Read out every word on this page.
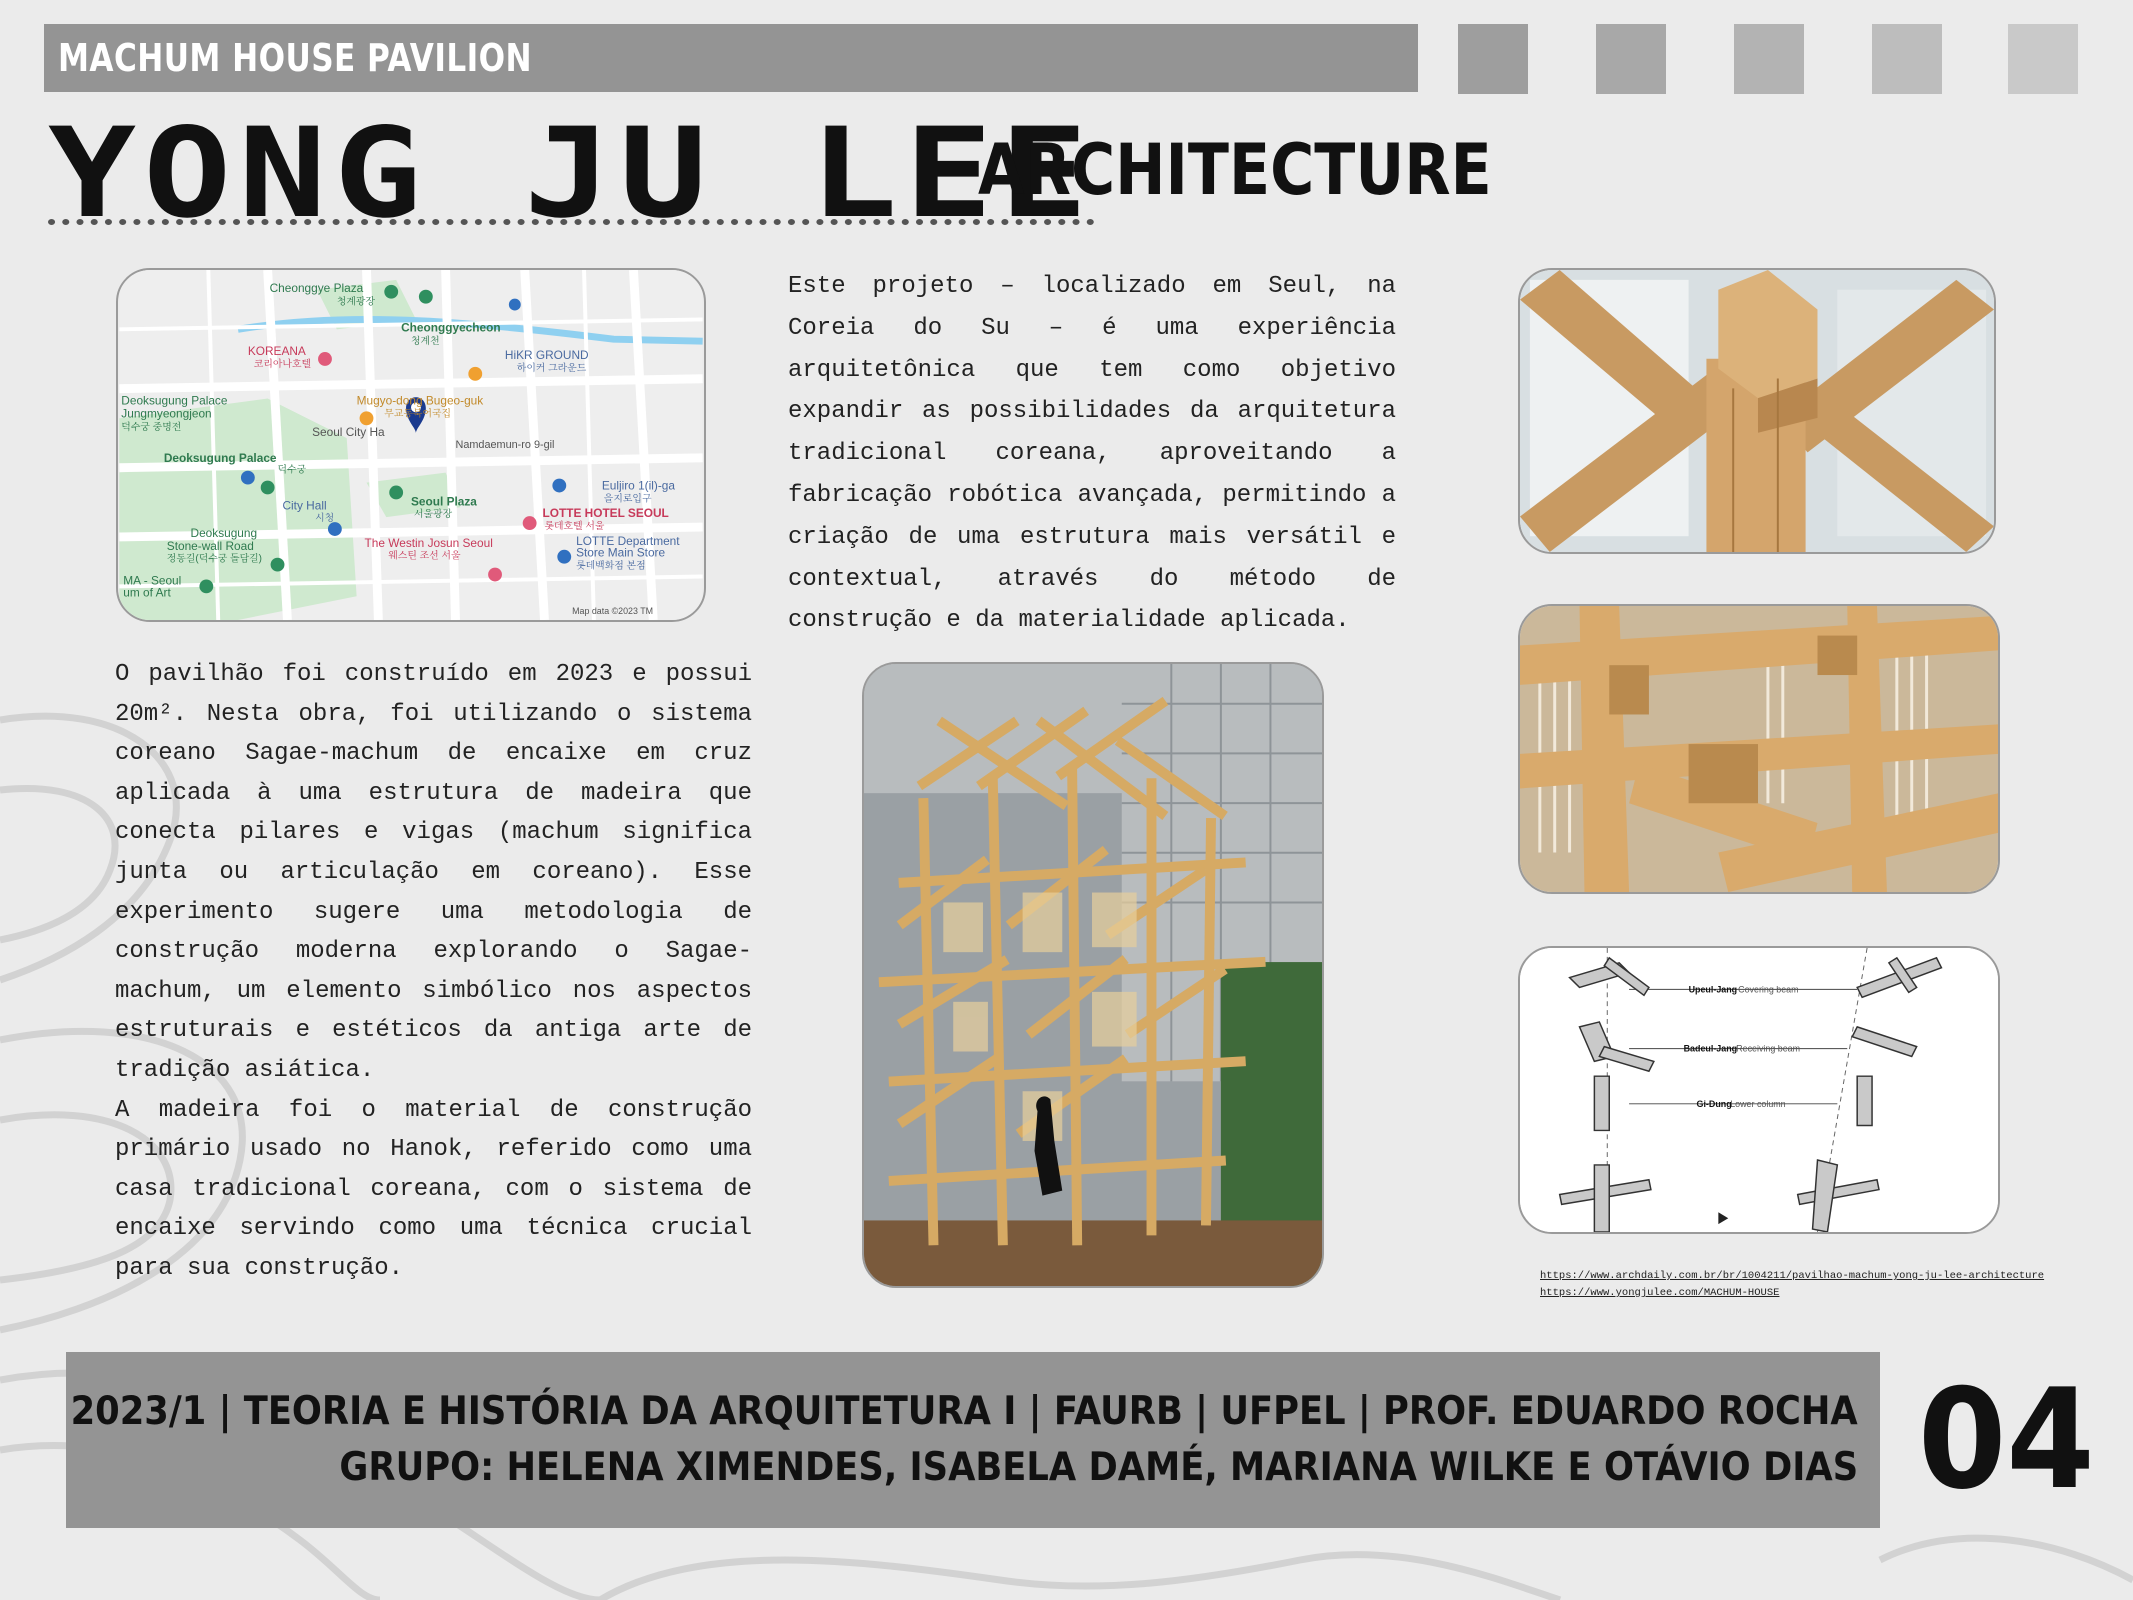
MACHUM HOUSE PAVILION
YONG JU LEE
ARCHITECTURE
Cheonggye Plaza
청계광장
Cheonggyecheon
청계천
Deoksugung Palace
Jungmyeongjeon
덕수궁 중명전
Deoksugung Palace
덕수궁
Seoul Plaza
서울광장
Deoksugung
Stone-wall Road
정동길(덕수궁 돌담길)
MA - Seoul
um of Art
KOREANA
코리아나호텔
LOTTE HOTEL SEOUL
롯데호텔 서울
The Westin Josun Seoul
웨스틴 조선 서울
HiKR GROUND
하이커 그라운드
Euljiro 1(il)-ga
을지로입구
LOTTE Department
Store Main Store
롯데백화점 본점
City Hall
시청
Mugyo-dong Bugeo-guk
무교동북어국집
Seoul City Ha
Namdaemun-ro 9-gil
Map data ©2023 TM
Este projeto – localizado em Seul, na Coreia do Su – é uma experiência arquitetônica que tem como objetivo expandir as possibilidades da arquitetura tradicional coreana, aproveitando a fabricação robótica avançada, permitindo a criação de uma estrutura mais versátil e contextual, através do método de construção e da materialidade aplicada.
Upeul-Jang Covering beam
Badeul-Jang Receiving beam
Gi-Dung
Lower column

O pavilhão foi construído em 2023 e possui 20m². Nesta obra, foi utilizando o sistema coreano Sagae-machum de encaixe em cruz aplicada à uma estrutura de madeira que conecta pilares e vigas (machum significa junta ou articulação em coreano). Esse experimento sugere uma metodologia de construção moderna explorando o Sagae-machum, um elemento simbólico nos aspectos estruturais e estéticos da antiga arte de tradição asiática.

A madeira foi o material de construção primário usado no Hanok, referido como uma casa tradicional coreana, com o sistema de encaixe servindo como uma técnica crucial para sua construção.	https://www.archdaily.com.br/br/1004211/pavilhao-machum-yong-ju-lee-architecture
https://www.yongjulee.com/MACHUM-HOUSE
2023/1 | TEORIA E HISTÓRIA DA ARQUITETURA I | FAURB | UFPEL | PROF. EDUARDO ROCHA
GRUPO: HELENA XIMENDES, ISABELA DAMÉ, MARIANA WILKE E OTÁVIO DIAS 04
